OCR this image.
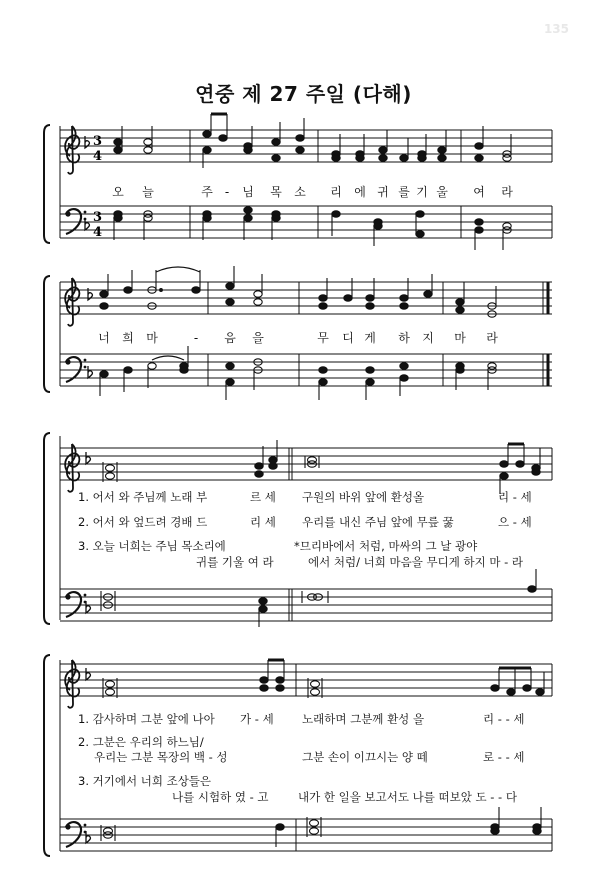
연중 제 27 주일 (다해)
135
3
4
3
4
오 늘	주 - 님 목 소 리 에 귀 를 기 울 여 라
너 희 마	- 음 을	무 디 게 하 지 마 라
1. 어서 와 주님께 노래 부	르 세 구원의 바위 앞에 환성올	리 - 세
2. 어서 와 엎드려 경배 드	리 세 우리를 내신 주님 앞에 무릎 꿇	으 - 세
3. 오늘 너희는 주님 목소리에
귀를 기울 여 라
*므리바에서 처럼, 마싸의 그 날 광야
에서 처럼/ 너희 마음을 무디게 하지 마 - 라
1. 감사하며 그분 앞에 나아 가 - 세 노래하며 그분께 환성 을	리 - - 세
2. 그분은 우리의 하느님/
우리는 그분 목장의 백 - 성	그분 손이 이끄시는 양 떼	로 - - 세
3. 거기에서 너희 조상들은
나를 시험하 였 - 고	내가 한 일을 보고서도 나를 떠보았 도 - - 다
